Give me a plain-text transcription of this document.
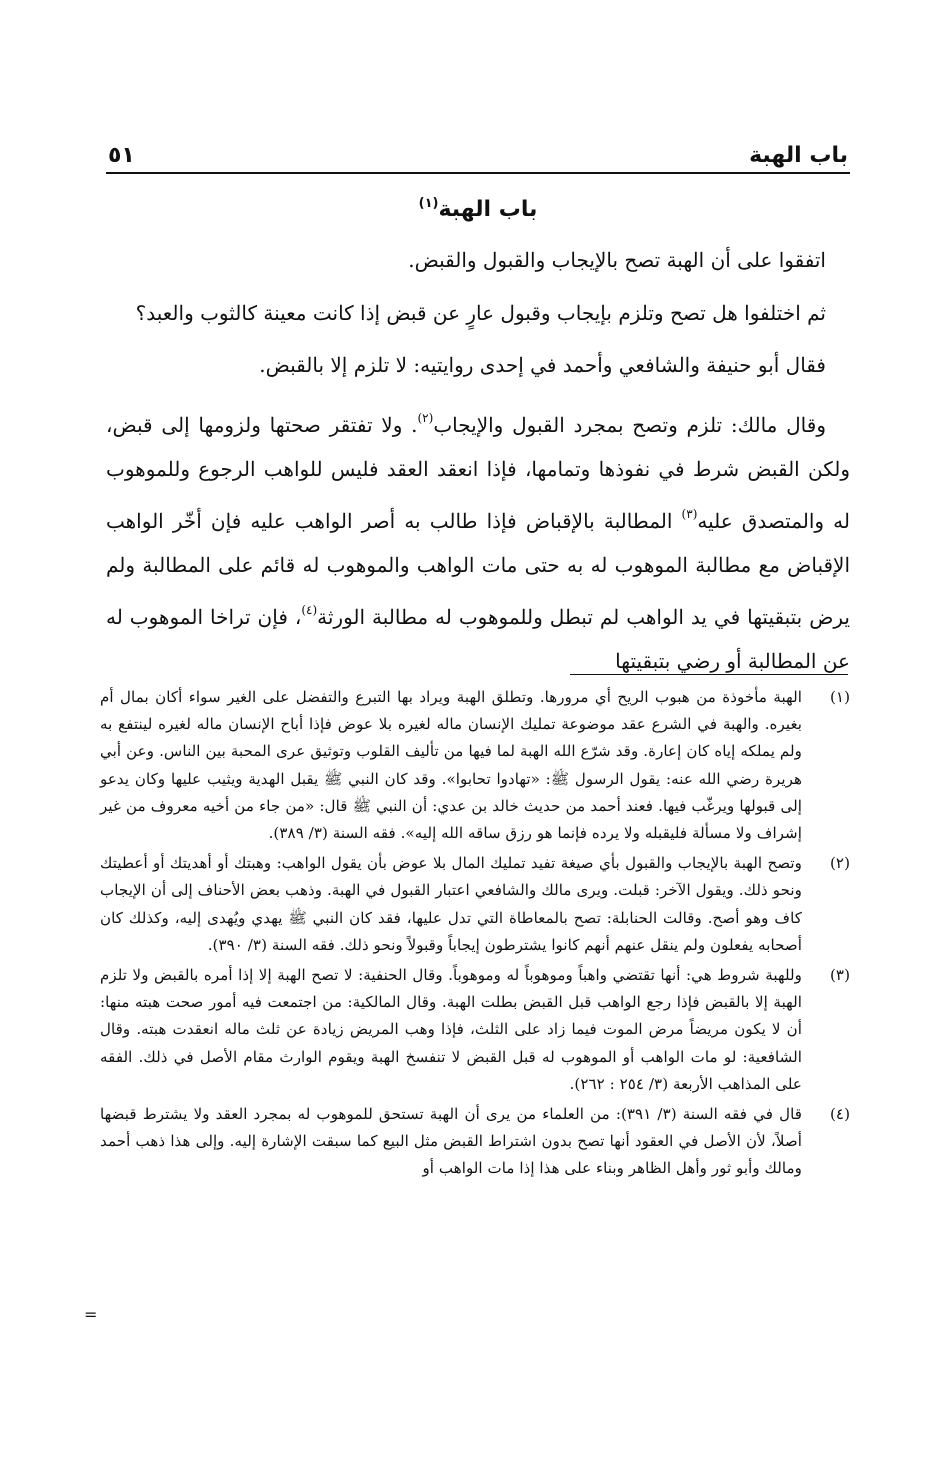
باب الهبة
٥١
باب الهبة$^{(١)}$

اتفقوا على أن الهبة تصح بالإيجاب والقبول والقبض.

ثم اختلفوا هل تصح وتلزم بإيجاب وقبول عارٍ عن قبض إذا كانت معينة كالثوب والعبد؟

فقال أبو حنيفة والشافعي وأحمد في إحدى روايتيه: لا تلزم إلا بالقبض.

وقال مالك: تلزم وتصح بمجرد القبول والإيجاب$^{(٢)}$. ولا تفتقر صحتها ولزومها إلى قبض، ولكن القبض شرط في نفوذها وتمامها، فإذا انعقد العقد فليس للواهب الرجوع وللموهوب له والمتصدق عليه$^{(٣)}$ المطالبة بالإقباض فإذا طالب به أصر الواهب عليه فإن أخّر الواهب الإقباض مع مطالبة الموهوب له به حتى مات الواهب والموهوب له قائم على المطالبة ولم يرض بتبقيتها في يد الواهب لم تبطل وللموهوب له مطالبة الورثة$^{(٤)}$، فإن تراخا الموهوب له عن المطالبة أو رضي بتبقيتها

(١)
الهبة مأخوذة من هبوب الريح أي مرورها. وتطلق الهبة ويراد بها التبرع والتفضل على الغير سواء أكان بمال أم بغيره. والهبة في الشرع عقد موضوعة تمليك الإنسان ماله لغيره بلا عوض فإذا أباح الإنسان ماله لغيره لينتفع به ولم يملكه إياه كان إعارة. وقد شرّع الله الهبة لما فيها من تأليف القلوب وتوثيق عرى المحبة بين الناس. وعن أبي هريرة رضي الله عنه: يقول الرسول ﷺ: «تهادوا تحابوا». وقد كان النبي ﷺ يقبل الهدية ويثيب عليها وكان يدعو إلى قبولها ويرغّب فيها. فعند أحمد من حديث خالد بن عدي: أن النبي ﷺ قال: «من جاء من أخيه معروف من غير إشراف ولا مسألة فليقبله ولا يرده فإنما هو رزق ساقه الله إليه». فقه السنة (٣/ ٣٨٩).
(٢)
وتصح الهبة بالإيجاب والقبول بأي صيغة تفيد تمليك المال بلا عوض بأن يقول الواهب: وهبتك أو أهديتك أو أعطيتك ونحو ذلك. ويقول الآخر: قبلت. ويرى مالك والشافعي اعتبار القبول في الهبة. وذهب بعض الأحناف إلى أن الإيجاب كاف وهو أصح. وقالت الحنابلة: تصح بالمعاطاة التي تدل عليها، فقد كان النبي ﷺ يهدي ويُهدى إليه، وكذلك كان أصحابه يفعلون ولم ينقل عنهم أنهم كانوا يشترطون إيجاباً وقبولاً ونحو ذلك. فقه السنة (٣/ ٣٩٠).
(٣)
وللهبة شروط هي: أنها تقتضي واهباً وموهوباً له وموهوباً. وقال الحنفية: لا تصح الهبة إلا إذا أمره بالقبض ولا تلزم الهبة إلا بالقبض فإذا رجع الواهب قبل القبض بطلت الهبة. وقال المالكية: من اجتمعت فيه أمور صحت هبته منها: أن لا يكون مريضاً مرض الموت فيما زاد على الثلث، فإذا وهب المريض زيادة عن ثلث ماله انعقدت هبته. وقال الشافعية: لو مات الواهب أو الموهوب له قبل القبض لا تنفسخ الهبة ويقوم الوارث مقام الأصل في ذلك. الفقه على المذاهب الأربعة (٣/ ٢٥٤ : ٢٦٢).
(٤)
قال في فقه السنة (٣/ ٣٩١): من العلماء من يرى أن الهبة تستحق للموهوب له بمجرد العقد ولا يشترط قبضها أصلاً، لأن الأصل في العقود أنها تصح بدون اشتراط القبض مثل البيع كما سبقت الإشارة إليه. وإلى هذا ذهب أحمد ومالك وأبو ثور وأهل الظاهر وبناء على هذا إذا مات الواهب أو
=
